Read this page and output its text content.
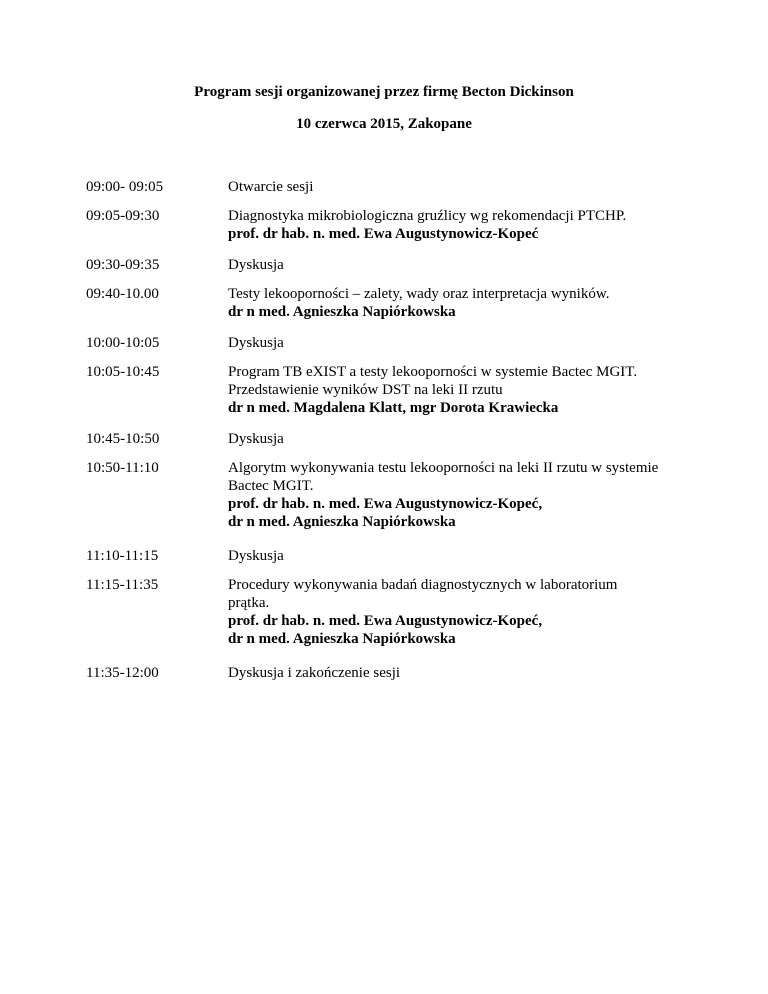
Program sesji organizowanej przez firmę Becton Dickinson
10 czerwca 2015, Zakopane
09:00- 09:05	Otwarcie sesji
09:05-09:30	Diagnostyka mikrobiologiczna gruźlicy wg rekomendacji PTCHP.
prof. dr hab. n. med. Ewa Augustynowicz-Kopeć
09:30-09:35	Dyskusja
09:40-10.00	Testy lekooporności – zalety, wady oraz interpretacja wyników.
dr n med. Agnieszka Napiórkowska
10:00-10:05	Dyskusja
10:05-10:45	Program TB eXIST a testy lekooporności w systemie Bactec MGIT.
Przedstawienie wyników DST na leki II rzutu
dr n med. Magdalena Klatt, mgr Dorota Krawiecka
10:45-10:50	Dyskusja
10:50-11:10	Algorytm wykonywania testu lekooporności na leki II rzutu w systemie
Bactec MGIT.
prof. dr hab. n. med. Ewa Augustynowicz-Kopeć,
dr n med. Agnieszka Napiórkowska
11:10-11:15	Dyskusja
11:15-11:35	Procedury wykonywania badań diagnostycznych w laboratorium
prątka.
prof. dr hab. n. med. Ewa Augustynowicz-Kopeć,
dr n med. Agnieszka Napiórkowska
11:35-12:00	Dyskusja i zakończenie sesji
